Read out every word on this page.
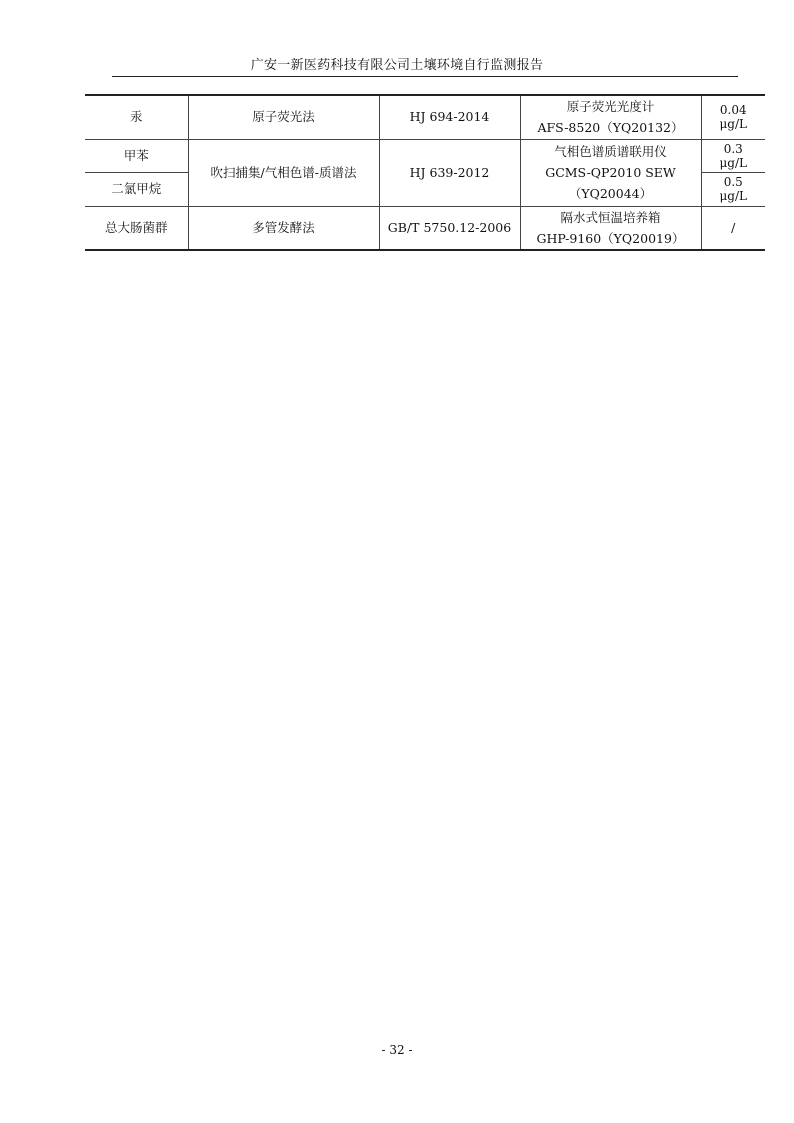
广安一新医药科技有限公司土壤环境自行监测报告
汞	原子荧光法	HJ 694-2014	原子荧光光度计
AFS-8520（YQ20132）	0.04
μg/L

甲苯	吹扫捕集/气相色谱-质谱法	HJ 639-2012	气相色谱质谱联用仪
GCMS-QP2010 SEW
（YQ20044）	0.3
μg/L

二氯甲烷				0.5
μg/L

总大肠菌群	多管发酵法	GB/T 5750.12-2006	隔水式恒温培养箱
GHP-9160（YQ20019）	/
- 32 -
